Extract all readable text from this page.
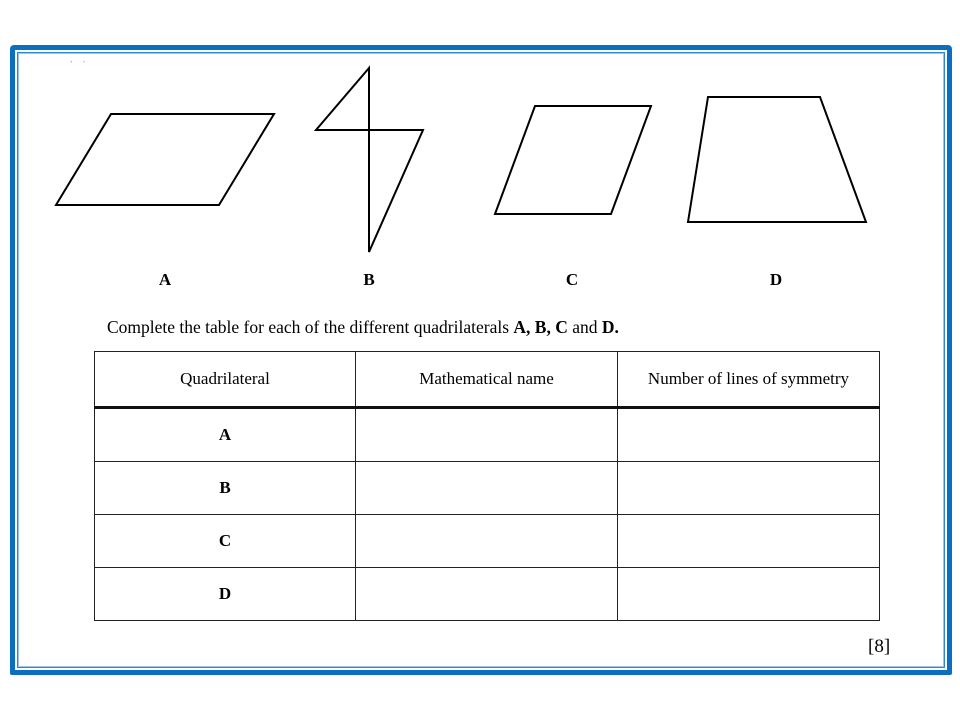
` ´
A	B	C	D
Complete the table for each of the different quadrilaterals A, B, C and D.
Quadrilateral	Mathematical name	Number of lines of symmetry
A		
B		
C		
D		
[8]
